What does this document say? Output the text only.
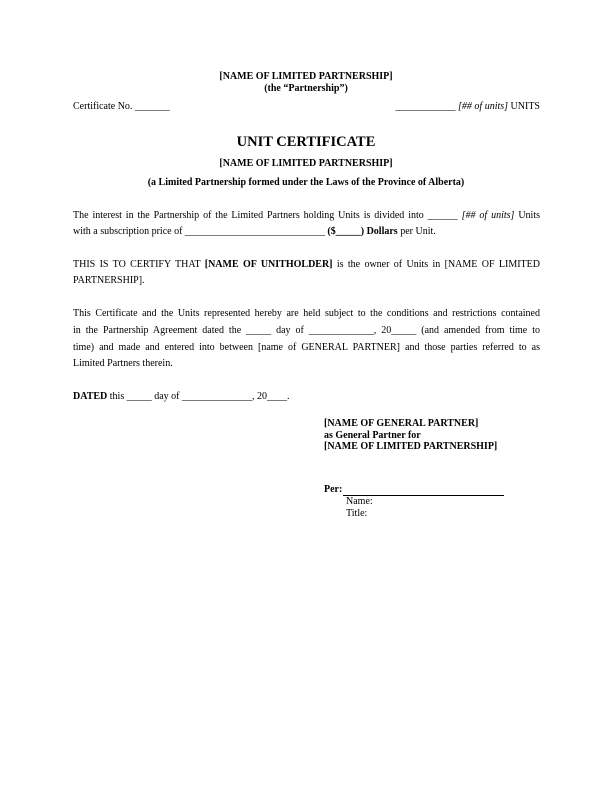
[NAME OF LIMITED PARTNERSHIP]
(the “Partnership”)
Certificate No. _______	____________ [## of units] UNITS
UNIT CERTIFICATE
[NAME OF LIMITED PARTNERSHIP]
(a Limited Partnership formed under the Laws of the Province of Alberta)
The interest in the Partnership of the Limited Partners holding Units is divided into ______ [## of units] Units
with a subscription price of ____________________________ ($_____) Dollars per Unit.
THIS IS TO CERTIFY THAT [NAME OF UNITHOLDER] is the owner of Units in [NAME OF LIMITED
PARTNERSHIP].
This Certificate and the Units represented hereby are held subject to the conditions and restrictions contained
in the Partnership Agreement dated the _____ day of _____________, 20_____ (and amended from time to
time) and made and entered into between [name of GENERAL PARTNER] and those parties referred to as
Limited Partners therein.
DATED this _____ day of ______________, 20____.
[NAME OF GENERAL PARTNER]
as General Partner for
[NAME OF LIMITED PARTNERSHIP]
Per:
Name:
Title:
